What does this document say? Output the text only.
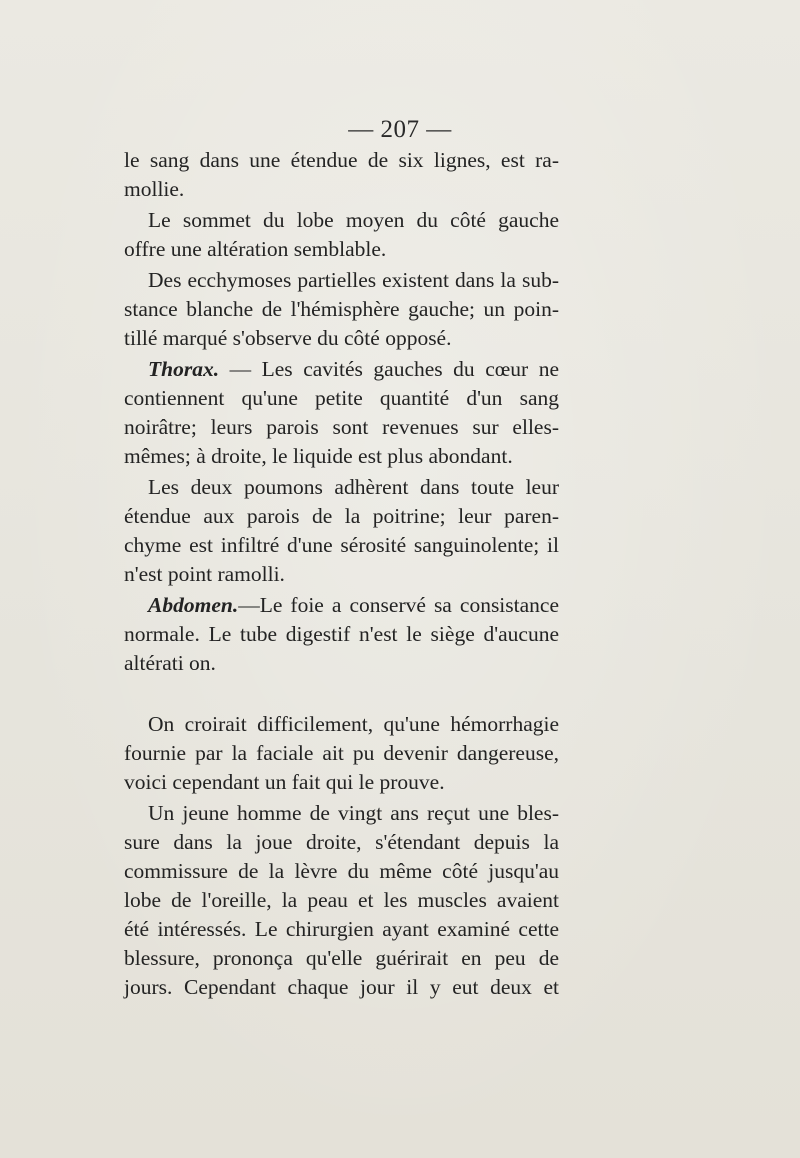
— 207 —
le sang dans une étendue de six lignes, est ra-
mollie.
Le sommet du lobe moyen du côté gauche
offre une altération semblable.
Des ecchymoses partielles existent dans la sub-
stance blanche de l'hémisphère gauche; un poin-
tillé marqué s'observe du côté opposé.
Thorax. — Les cavités gauches du cœur ne
contiennent qu'une petite quantité d'un sang
noirâtre; leurs parois sont revenues sur elles-
mêmes; à droite, le liquide est plus abondant.
Les deux poumons adhèrent dans toute leur
étendue aux parois de la poitrine; leur paren-
chyme est infiltré d'une sérosité sanguinolente; il
n'est point ramolli.
Abdomen.—Le foie a conservé sa consistance
normale. Le tube digestif n'est le siège d'aucune
altérati on.
On croirait difficilement, qu'une hémorrhagie
fournie par la faciale ait pu devenir dangereuse,
voici cependant un fait qui le prouve.
Un jeune homme de vingt ans reçut une bles-
sure dans la joue droite, s'étendant depuis la
commissure de la lèvre du même côté jusqu'au
lobe de l'oreille, la peau et les muscles avaient
été intéressés. Le chirurgien ayant examiné cette
blessure, prononça qu'elle guérirait en peu de
jours. Cependant chaque jour il y eut deux et
